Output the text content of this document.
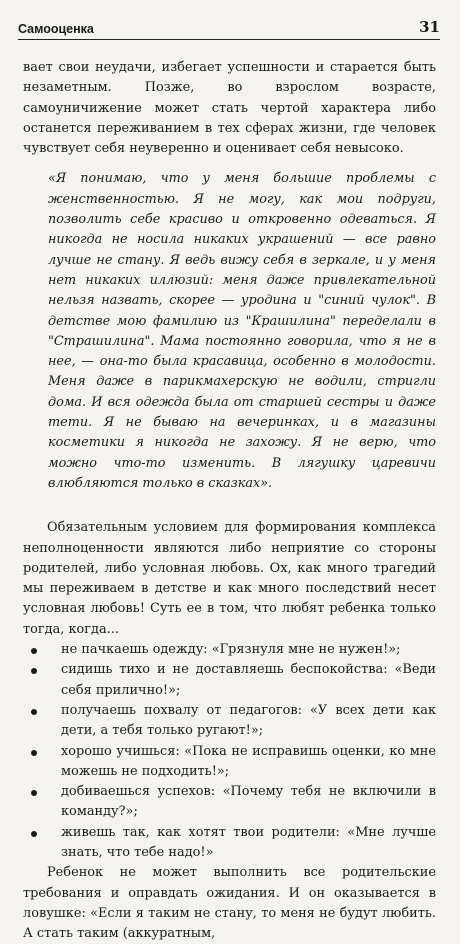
Самооценка	31

вает свои неудачи, избегает успешности и старается быть незаметным. Позже, во взрослом возрасте, самоуничижение может стать чертой характера либо останется переживанием в тех сферах жизни, где человек чувствует себя неуверенно и оценивает себя невысоко.

«Я понимаю, что у меня большие проблемы с женственностью. Я не могу, как мои подруги, позволить себе красиво и откровенно одеваться. Я никогда не носила никаких украшений — все равно лучше не стану. Я ведь вижу себя в зеркале, и у меня нет никаких иллюзий: меня даже привлекательной нельзя назвать, скорее — уродина и "синий чулок". В детстве мою фамилию из "Крашилина" переделали в "Страшилина". Мама постоянно говорила, что я не в нее, — она-то была красавица, особенно в молодости. Меня даже в парикмахерскую не водили, стригли дома. И вся одежда была от старшей сестры и даже тети. Я не бываю на вечеринках, и в магазины косметики я никогда не захожу. Я не верю, что можно что-то изменить. В лягушку царевичи влюбляются только в сказках».

Обязательным условием для формирования комплекса неполноценности являются либо неприятие со стороны родителей, либо условная любовь. Ох, как много трагедий мы переживаем в детстве и как много последствий несет условная любовь! Суть ее в том, что любят ребенка только тогда, когда...

не пачкаешь одежду: «Грязнуля мне не нужен!»;
сидишь тихо и не доставляешь беспокойства: «Веди себя прилично!»;
получаешь похвалу от педагогов: «У всех дети как дети, а тебя только ругают!»;
хорошо учишься: «Пока не исправишь оценки, ко мне можешь не подходить!»;
добиваешься успехов: «Почему тебя не включили в команду?»;
живешь так, как хотят твои родители: «Мне лучше знать, что тебе надо!»

Ребенок не может выполнить все родительские требования и оправдать ожидания. И он оказывается в ловушке: «Если я таким не стану, то меня не будут любить. А стать таким (аккуратным,
